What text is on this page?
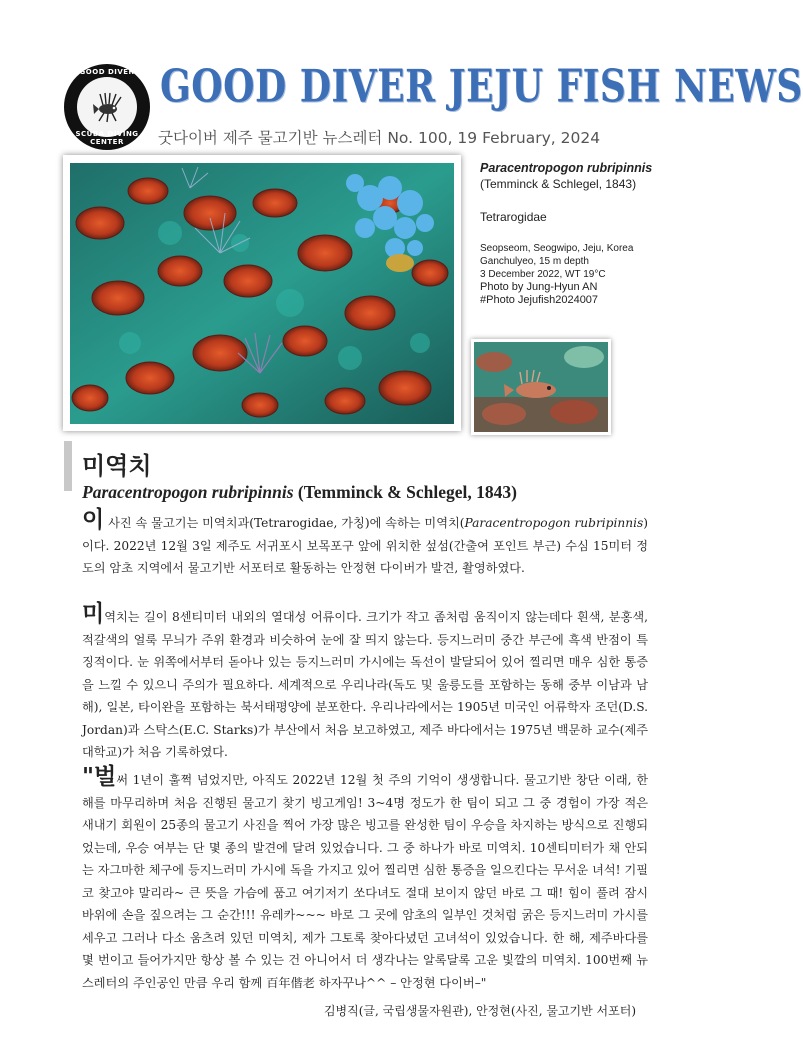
GOOD DIVER
SCUBA DIVING CENTER
GOOD DIVER JEJU FISH NEWS
굿다이버 제주 물고기반 뉴스레터 No. 100, 19 February, 2024
Paracentropogon rubripinnis
(Temminck & Schlegel, 1843)
Tetrarogidae
Seopseom, Seogwipo, Jeju, Korea
Ganchulyeo, 15 m depth
3 December 2022, WT 19°C
Photo by Jung-Hyun AN
#Photo Jejufish2024007
미역치
Paracentropogon rubripinnis (Temminck & Schlegel, 1843)
이 사진 속 물고기는 미역치과(Tetrarogidae, 가칭)에 속하는 미역치(Paracentropogon rubripinnis)이다. 2022년 12월 3일 제주도 서귀포시 보목포구 앞에 위치한 섶섬(간출여 포인트 부근) 수심 15미터 정도의 암초 지역에서 물고기반 서포터로 활동하는 안정현 다이버가 발견, 촬영하였다.
미역치는 길이 8센티미터 내외의 열대성 어류이다. 크기가 작고 좀처럼 움직이지 않는데다 흰색, 분홍색, 적갈색의 얼룩 무늬가 주위 환경과 비슷하여 눈에 잘 띄지 않는다. 등지느러미 중간 부근에 흑색 반점이 특징적이다. 눈 위쪽에서부터 돋아나 있는 등지느러미 가시에는 독선이 발달되어 있어 찔리면 매우 심한 통증을 느낄 수 있으니 주의가 필요하다. 세계적으로 우리나라(독도 및 울릉도를 포함하는 동해 중부 이남과 남해), 일본, 타이완을 포함하는 북서태평양에 분포한다. 우리나라에서는 1905년 미국인 어류학자 조던(D.S. Jordan)과 스탁스(E.C. Starks)가 부산에서 처음 보고하였고, 제주 바다에서는 1975년 백문하 교수(제주대학교)가 처음 기록하였다.
"벌써 1년이 훌쩍 넘었지만, 아직도 2022년 12월 첫 주의 기억이 생생합니다. 물고기반 창단 이래, 한 해를 마무리하며 처음 진행된 물고기 찾기 빙고게임! 3~4명 정도가 한 팀이 되고 그 중 경험이 가장 적은 새내기 회원이 25종의 물고기 사진을 찍어 가장 많은 빙고를 완성한 팀이 우승을 차지하는 방식으로 진행되었는데, 우승 여부는 단 몇 종의 발견에 달려 있었습니다. 그 중 하나가 바로 미역치. 10센티미터가 채 안되는 자그마한 체구에 등지느러미 가시에 독을 가지고 있어 찔리면 심한 통증을 일으킨다는 무서운 녀석! 기필코 찾고야 말리라~ 큰 뜻을 가슴에 품고 여기저기 쏘다녀도 절대 보이지 않던 바로 그 때! 힘이 풀려 잠시 바위에 손을 짚으려는 그 순간!!! 유레카~~~ 바로 그 곳에 암초의 일부인 것처럼 굵은 등지느러미 가시를 세우고 그러나 다소 움츠려 있던 미역치, 제가 그토록 찾아다녔던 고녀석이 있었습니다. 한 해, 제주바다를 몇 번이고 들어가지만 항상 볼 수 있는 건 아니어서 더 생각나는 알록달록 고운 빛깔의 미역치. 100번째 뉴스레터의 주인공인 만큼 우리 함께 百年偕老 하자꾸나^^ – 안정현 다이버–"
김병직(글, 국립생물자원관), 안정현(사진, 물고기반 서포터)
